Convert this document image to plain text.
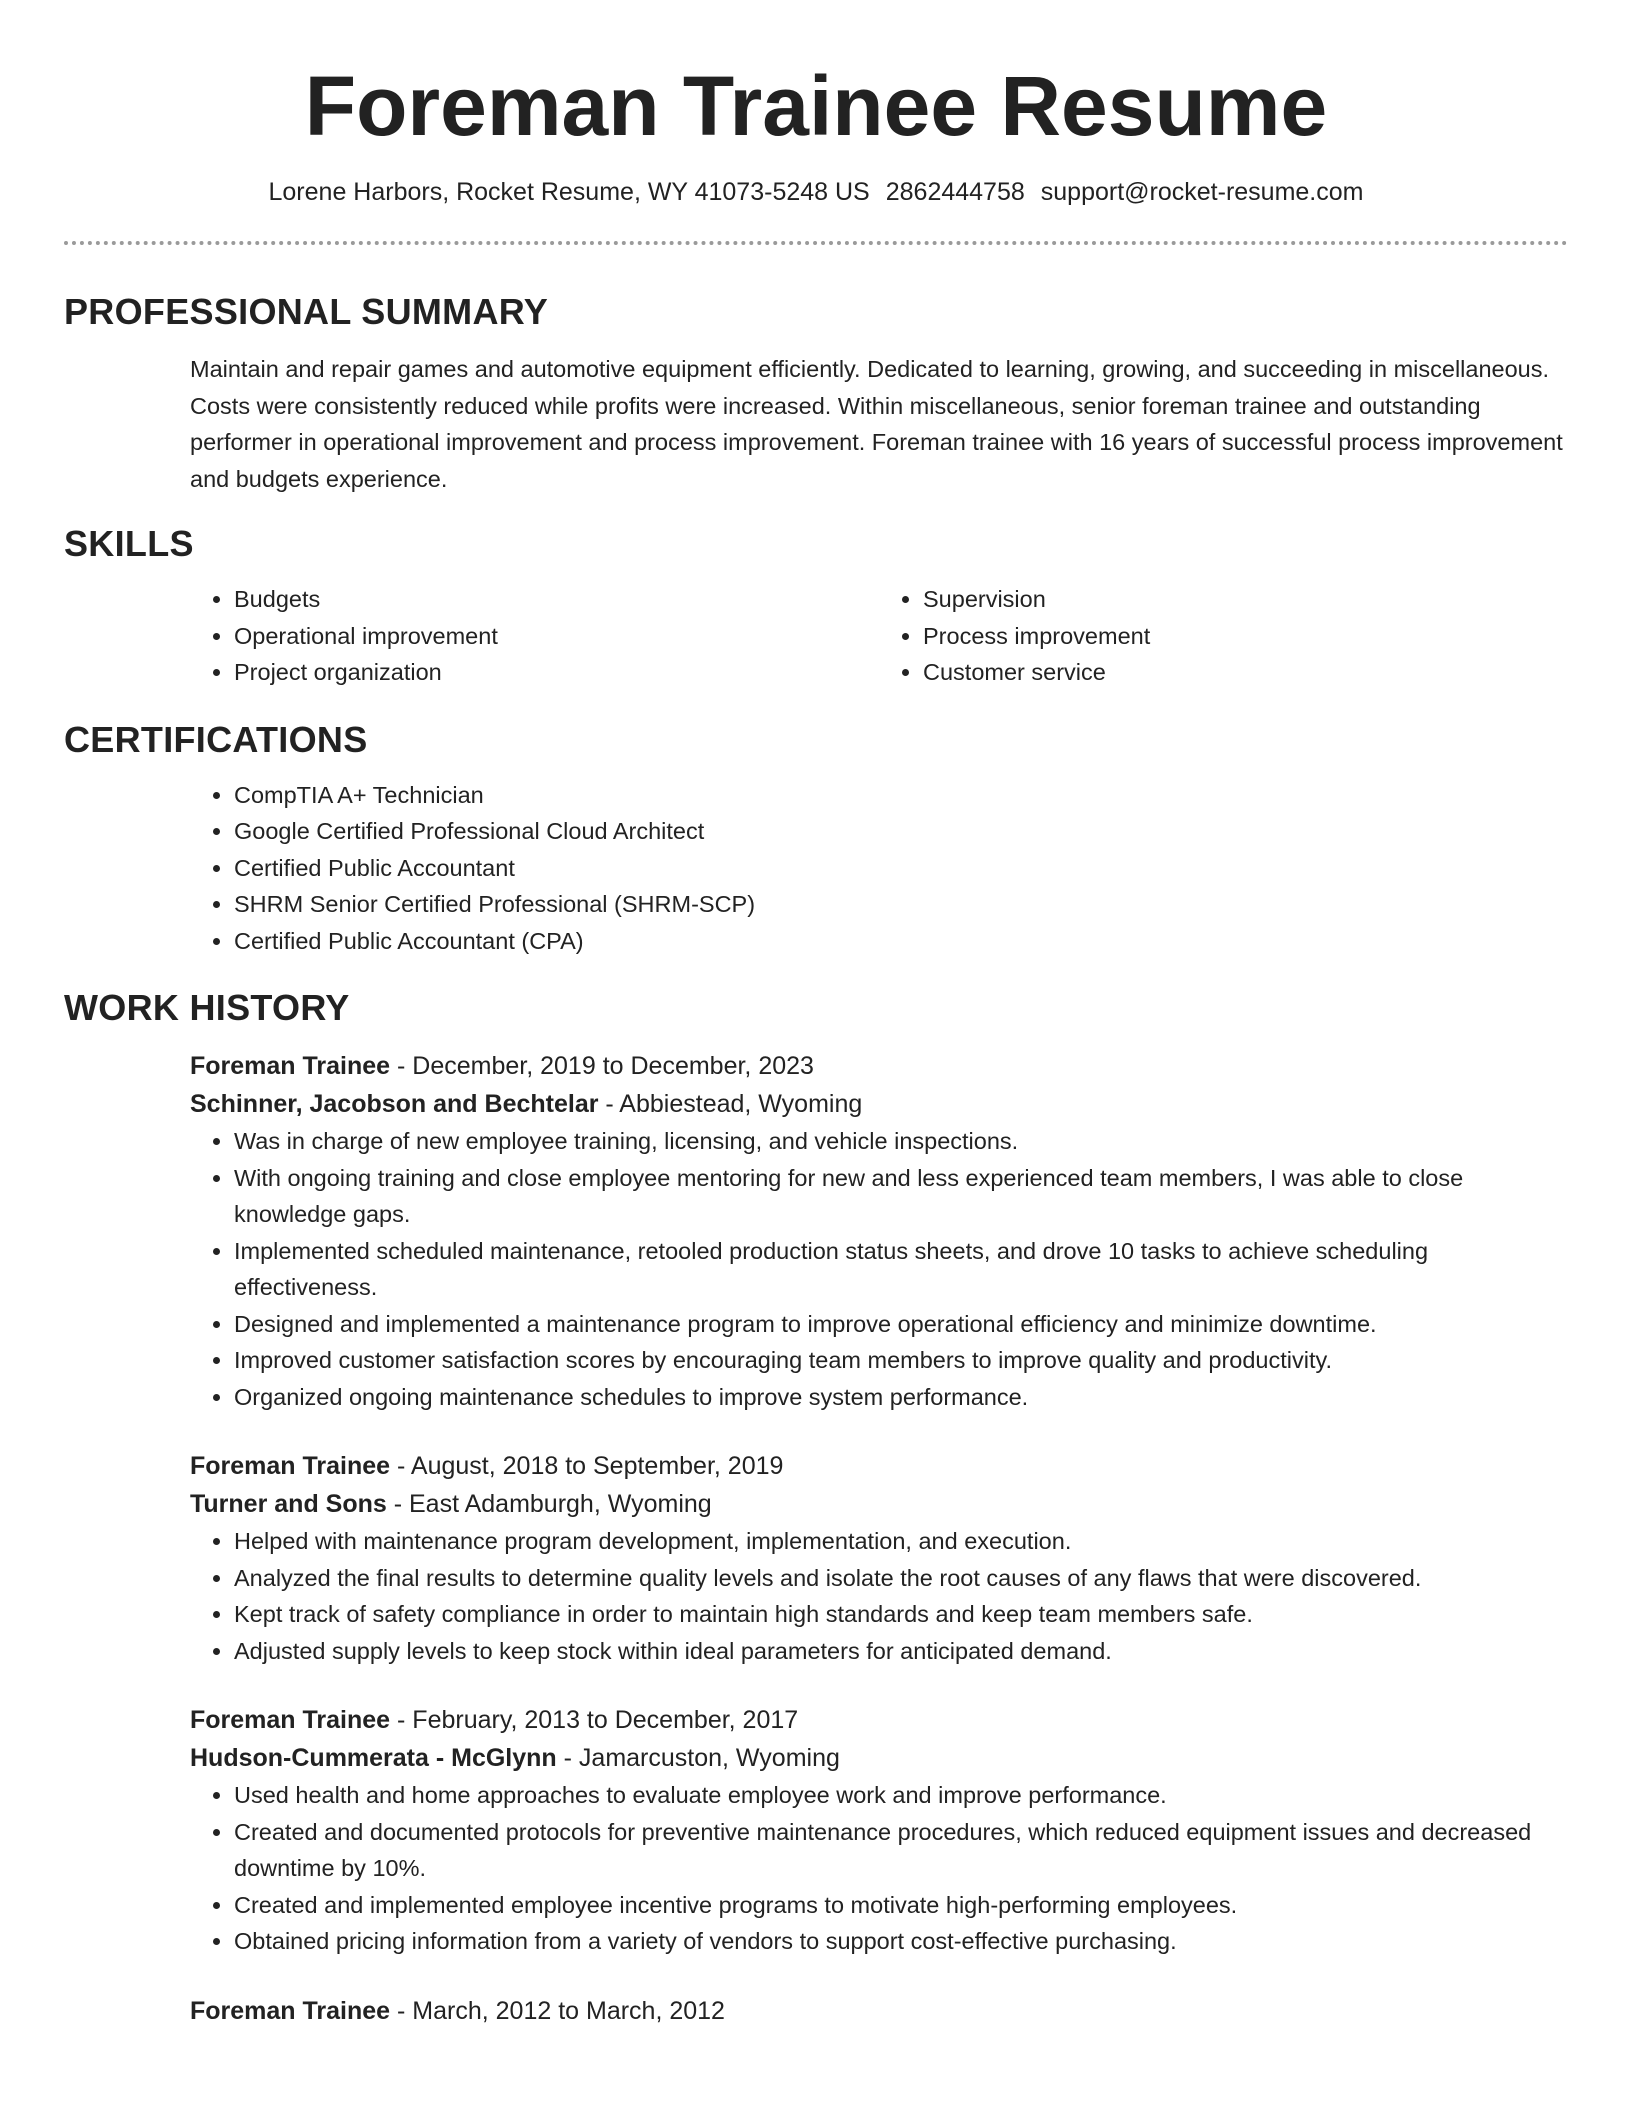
Foreman Trainee Resume
Lorene Harbors, Rocket Resume, WY 41073-5248 US 2862444758 support@rocket-resume.com
PROFESSIONAL SUMMARY
Maintain and repair games and automotive equipment efficiently. Dedicated to learning, growing, and succeeding in miscellaneous. Costs were consistently reduced while profits were increased. Within miscellaneous, senior foreman trainee and outstanding performer in operational improvement and process improvement. Foreman trainee with 16 years of successful process improvement and budgets experience.
SKILLS
• Budgets
• Operational improvement
• Project organization
• Supervision
• Process improvement
• Customer service
CERTIFICATIONS
• CompTIA A+ Technician
• Google Certified Professional Cloud Architect
• Certified Public Accountant
• SHRM Senior Certified Professional (SHRM-SCP)
• Certified Public Accountant (CPA)
WORK HISTORY
Foreman Trainee - December, 2019 to December, 2023
Schinner, Jacobson and Bechtelar - Abbiestead, Wyoming
• Was in charge of new employee training, licensing, and vehicle inspections.
• With ongoing training and close employee mentoring for new and less experienced team members, I was able to close knowledge gaps.
• Implemented scheduled maintenance, retooled production status sheets, and drove 10 tasks to achieve scheduling effectiveness.
• Designed and implemented a maintenance program to improve operational efficiency and minimize downtime.
• Improved customer satisfaction scores by encouraging team members to improve quality and productivity.
• Organized ongoing maintenance schedules to improve system performance.
Foreman Trainee - August, 2018 to September, 2019
Turner and Sons - East Adamburgh, Wyoming
• Helped with maintenance program development, implementation, and execution.
• Analyzed the final results to determine quality levels and isolate the root causes of any flaws that were discovered.
• Kept track of safety compliance in order to maintain high standards and keep team members safe.
• Adjusted supply levels to keep stock within ideal parameters for anticipated demand.
Foreman Trainee - February, 2013 to December, 2017
Hudson-Cummerata - McGlynn - Jamarcuston, Wyoming
• Used health and home approaches to evaluate employee work and improve performance.
• Created and documented protocols for preventive maintenance procedures, which reduced equipment issues and decreased downtime by 10%.
• Created and implemented employee incentive programs to motivate high-performing employees.
• Obtained pricing information from a variety of vendors to support cost-effective purchasing.
Foreman Trainee - March, 2012 to March, 2012
